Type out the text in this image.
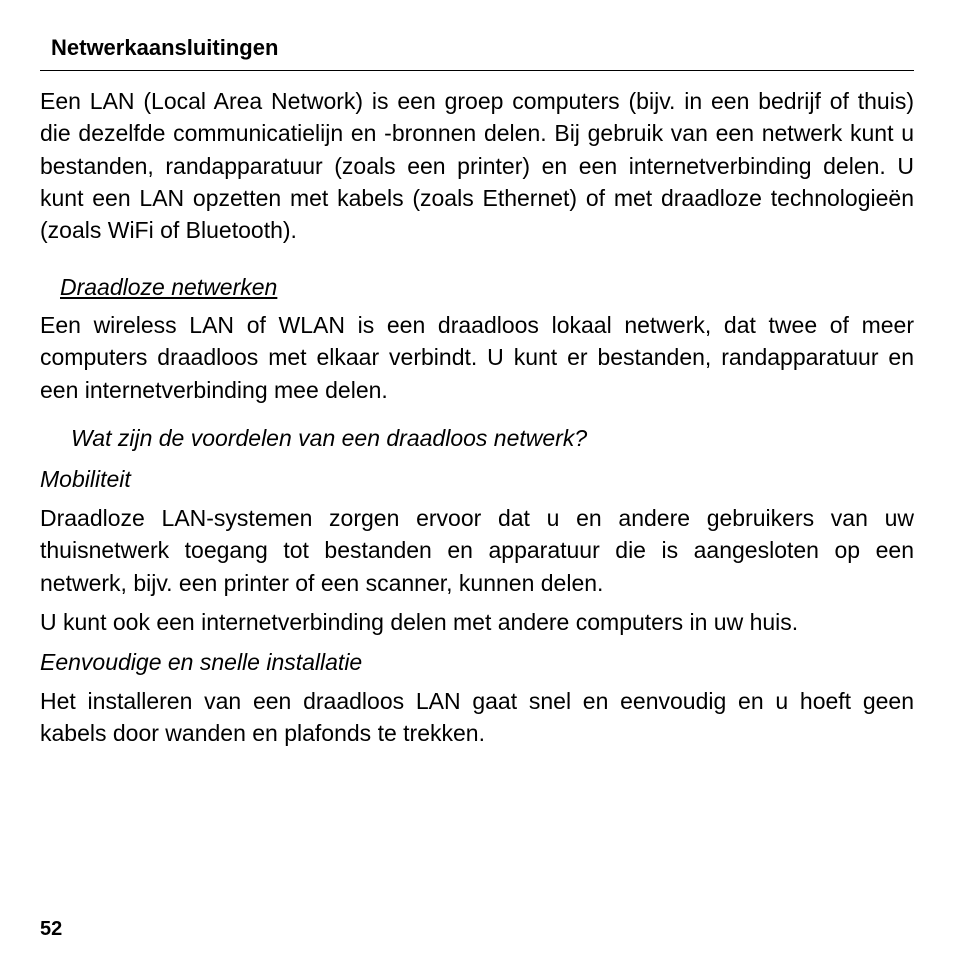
Netwerkaansluitingen

Een LAN (Local Area Network) is een groep computers (bijv. in een bedrijf of thuis) die dezelfde communicatielijn en -bronnen delen. Bij gebruik van een netwerk kunt u bestanden, randapparatuur (zoals een printer) en een internetverbinding delen. U kunt een LAN opzetten met kabels (zoals Ethernet) of met draadloze technologieën (zoals WiFi of Bluetooth).

Draadloze netwerken

Een wireless LAN of WLAN is een draadloos lokaal netwerk, dat twee of meer computers draadloos met elkaar verbindt. U kunt er bestanden, randapparatuur en een internetverbinding mee delen.

Wat zijn de voordelen van een draadloos netwerk?

Mobiliteit

Draadloze LAN-systemen zorgen ervoor dat u en andere gebruikers van uw thuisnetwerk toegang tot bestanden en apparatuur die is aangesloten op een netwerk, bijv. een printer of een scanner, kunnen delen.

U kunt ook een internetverbinding delen met andere computers in uw huis.

Eenvoudige en snelle installatie

Het installeren van een draadloos LAN gaat snel en eenvoudig en u hoeft geen kabels door wanden en plafonds te trekken.

52
